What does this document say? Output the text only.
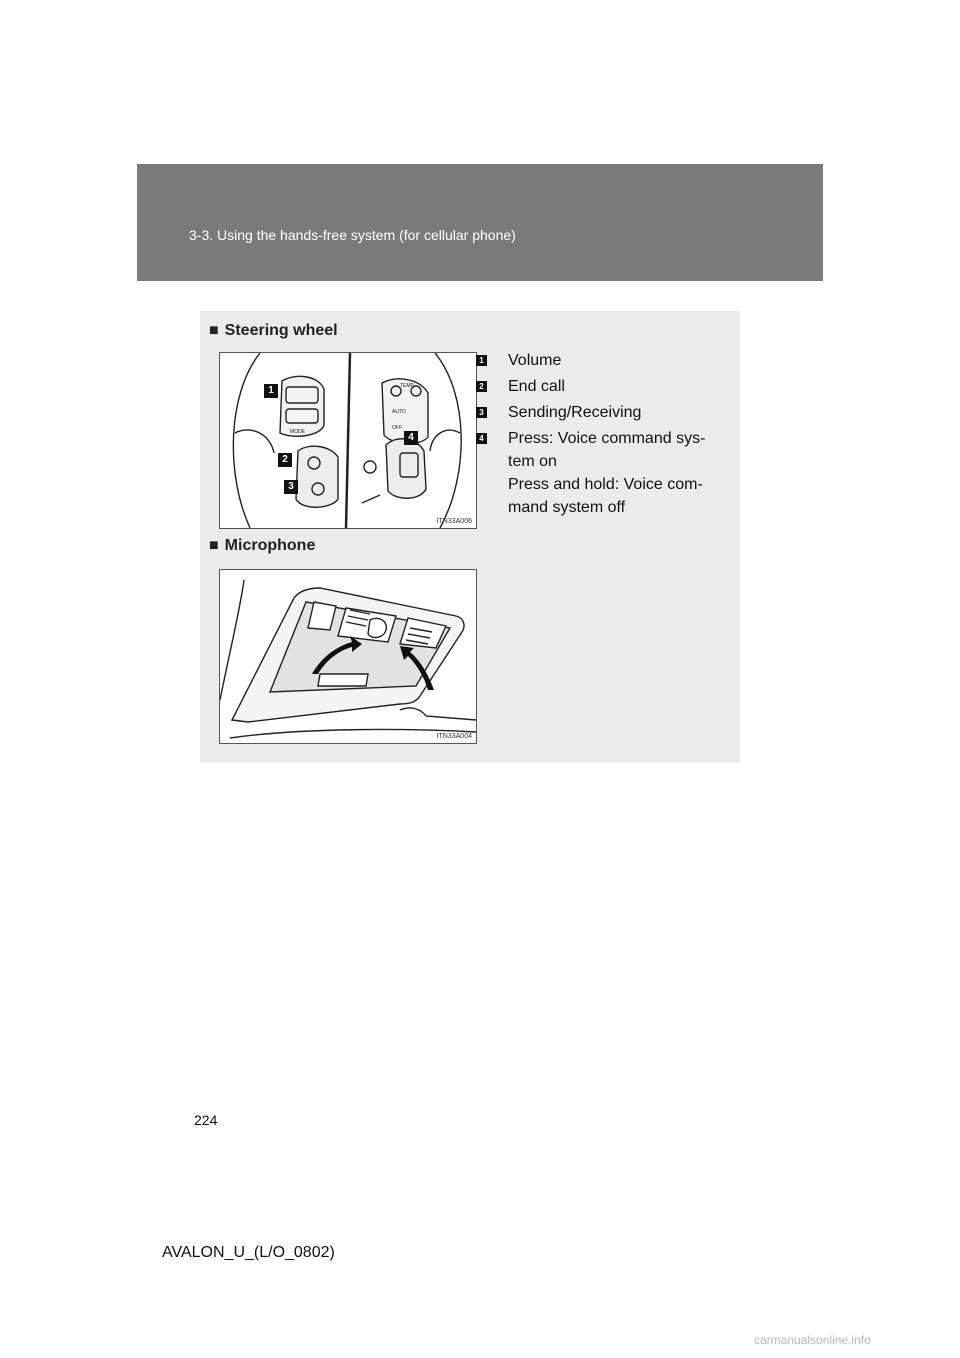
3-3. Using the hands-free system (for cellular phone)
■ Steering wheel
AUTO
OFF
TEMP
MODE
1
2
3
4
ITN33A006
1 Volume
2 End call
3 Sending/Receiving
4 Press: Voice command sys-
tem on
Press and hold: Voice com-
mand system off
■ Microphone
ITN33A004
224
AVALON_U_(L/O_0802)
carmanualsonline.info
